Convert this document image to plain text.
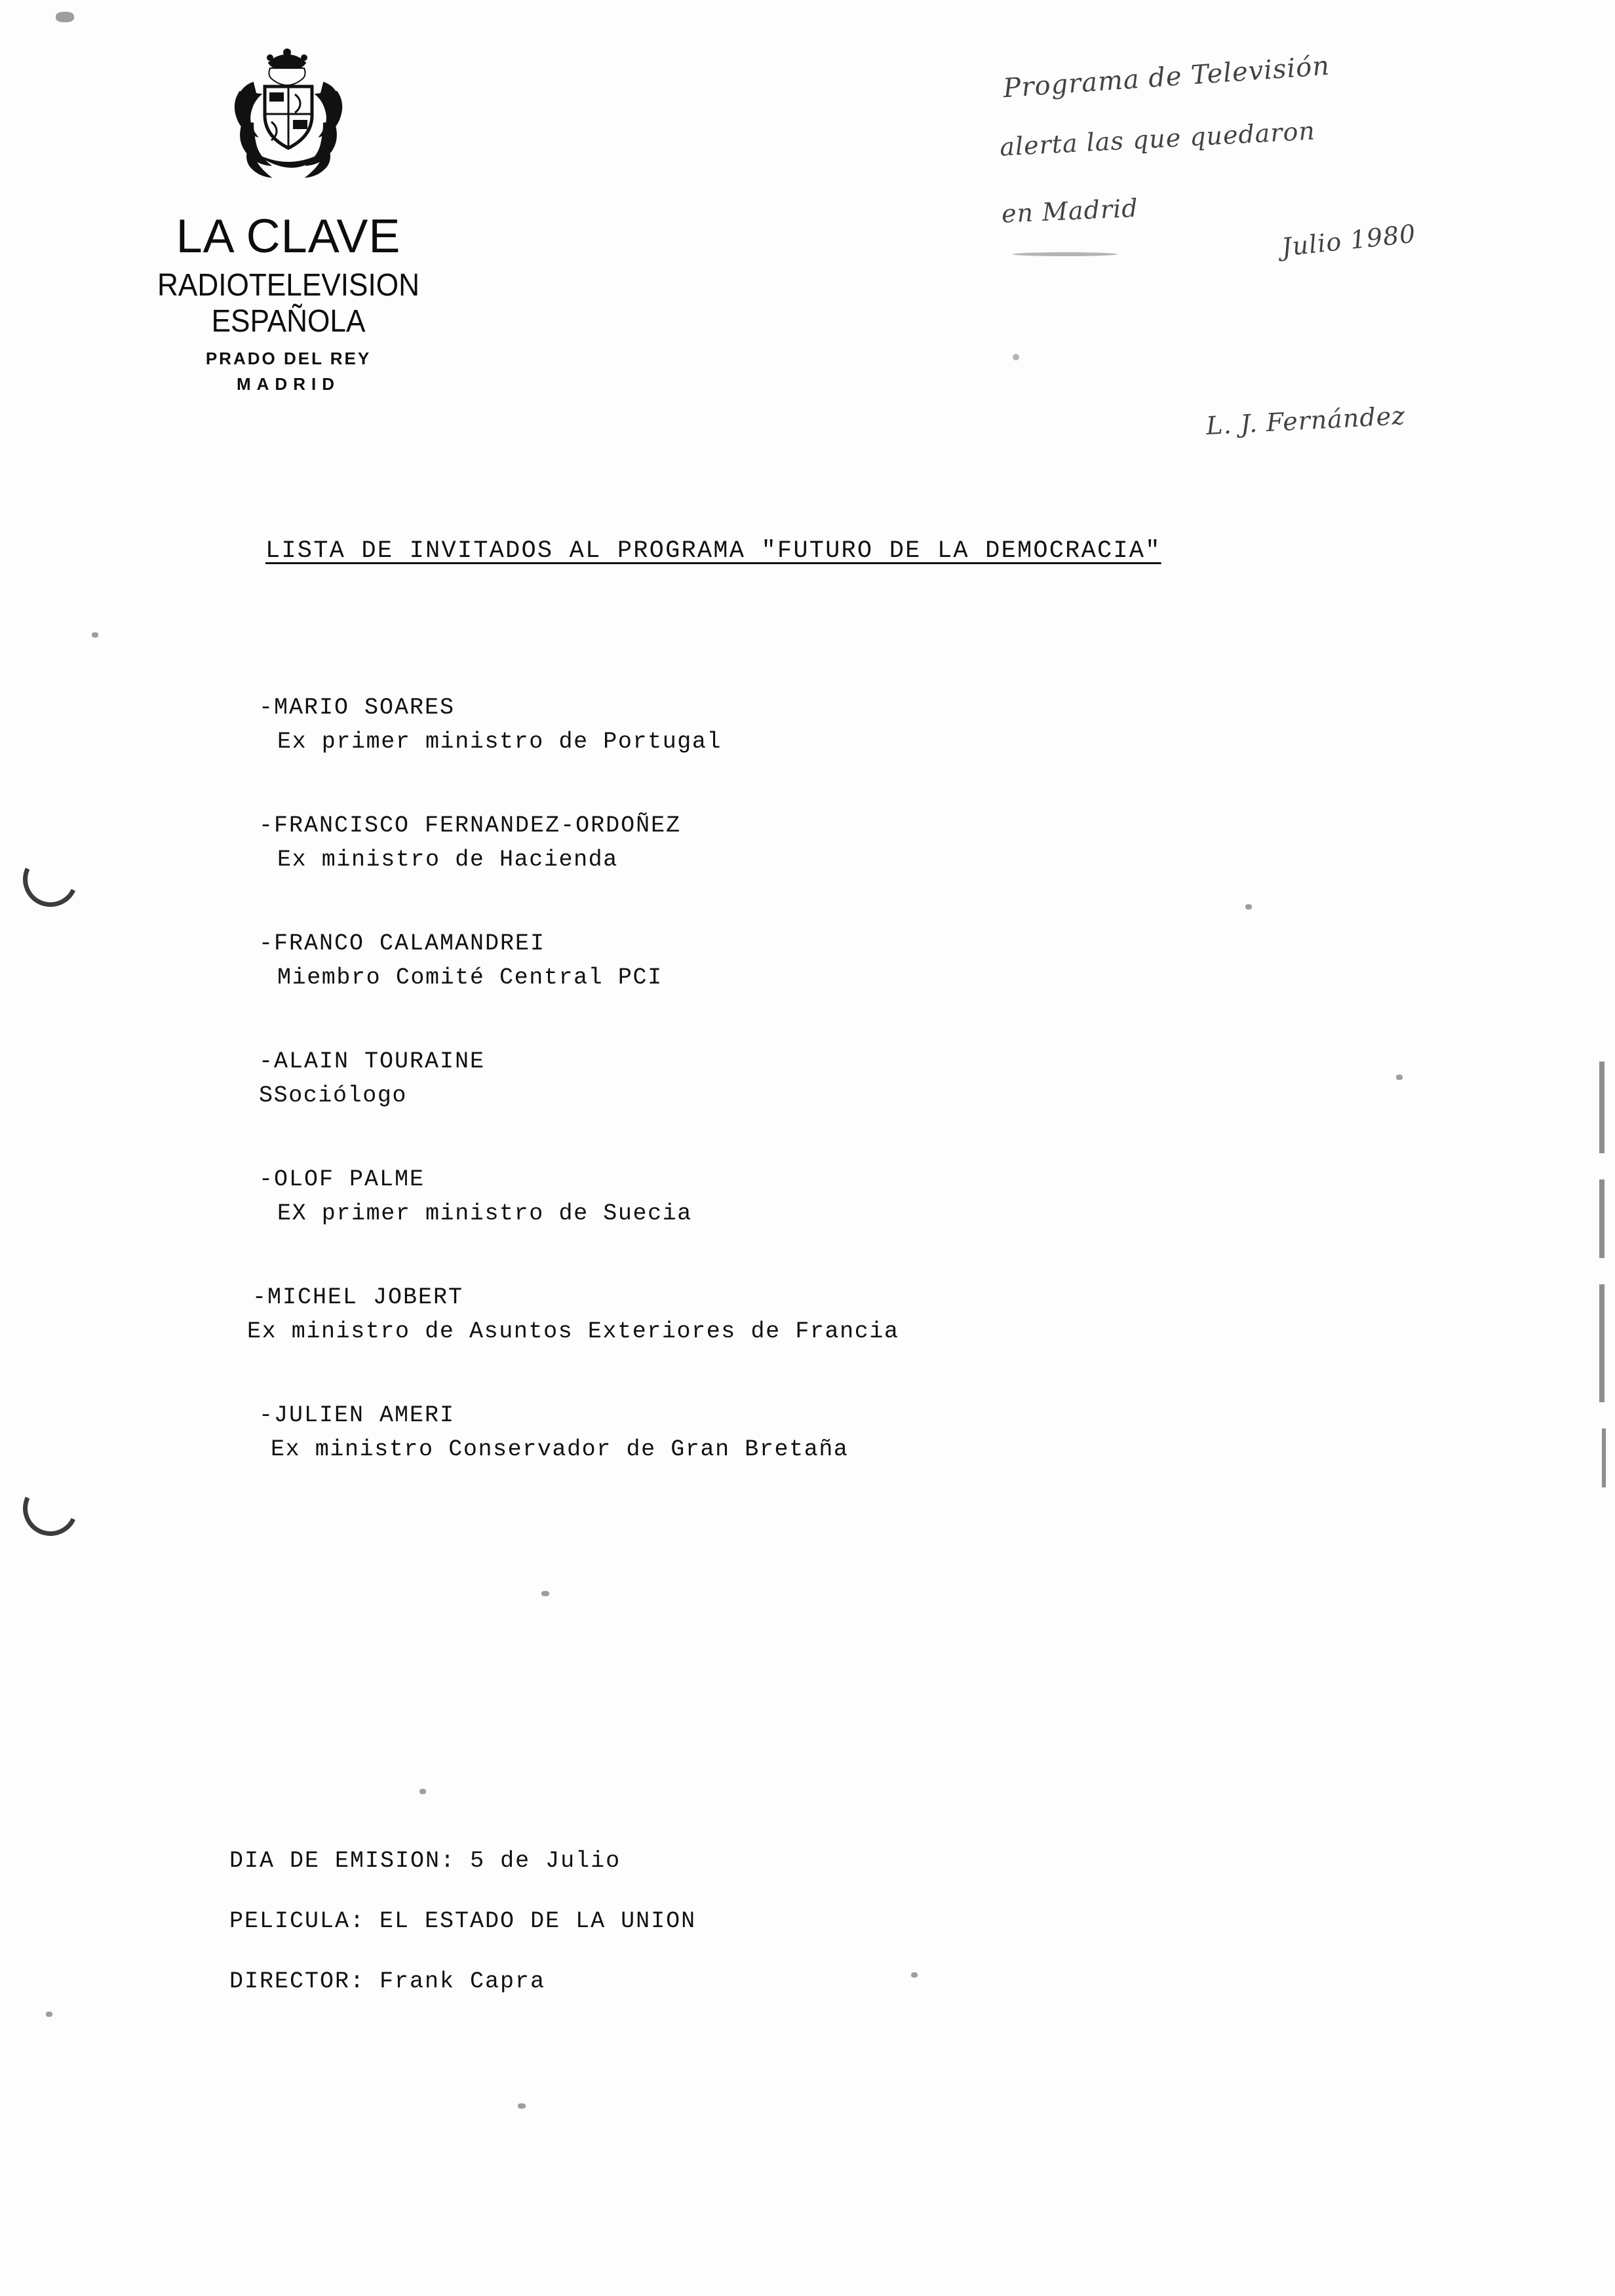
LA CLAVE
RADIOTELEVISION ESPAÑOLA
PRADO DEL REY
MADRID
Programa de Televisión
alerta las que quedaron
en Madrid
Julio 1980
L. J. Fernández
LISTA DE INVITADOS AL PROGRAMA "FUTURO DE LA DEMOCRACIA"
-MARIO SOARES
Ex primer ministro de Portugal
-FRANCISCO FERNANDEZ-ORDOÑEZ
Ex ministro de Hacienda
-FRANCO CALAMANDREI
Miembro Comité Central PCI
-ALAIN TOURAINE
SSociólogo
-OLOF PALME
EX primer ministro de Suecia
-MICHEL JOBERT
Ex ministro de Asuntos Exteriores de Francia
-JULIEN AMERI
Ex ministro Conservador de Gran Bretaña
DIA DE EMISION: 5 de Julio
PELICULA: EL ESTADO DE LA UNION
DIRECTOR: Frank Capra
